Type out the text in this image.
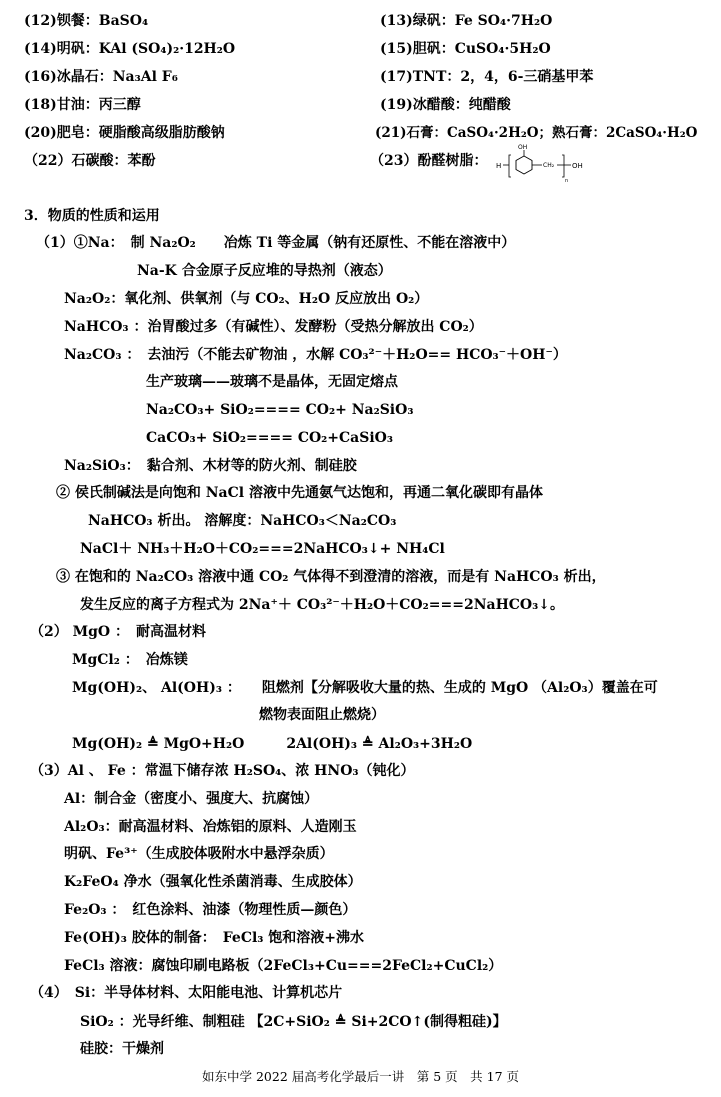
(12)钡餐：BaSO₄	(13)绿矾：Fe SO₄·7H₂O
(14)明矾：KAl (SO₄)₂·12H₂O	(15)胆矾：CuSO₄·5H₂O
(16)冰晶石：Na₃Al F₆	(17)TNT：2，4，6-三硝基甲苯
(18)甘油：丙三醇	(19)冰醋酸：纯醋酸
(20)肥皂：硬脂酸高级脂肪酸钠	(21)石膏：CaSO₄·2H₂O；熟石膏：2CaSO₄·H₂O
（22）石碳酸：苯酚	（23）酚醛树脂： H
OH
CH₂	OH
n
3．物质的性质和运用
（1）①Na：　制 Na₂O₂　　冶炼 Ti 等金属（钠有还原性、不能在溶液中）
Na-K 合金原子反应堆的导热剂（液态）
Na₂O₂：氧化剂、供氧剂（与 CO₂、H₂O 反应放出 O₂）
NaHCO₃ ：治胃酸过多（有碱性）、发酵粉（受热分解放出 CO₂）
Na₂CO₃ ：　去油污（不能去矿物油 ，水解 CO₃²⁻＋H₂O== HCO₃⁻＋OH⁻）
生产玻璃——玻璃不是晶体，无固定熔点
Na₂CO₃+ SiO₂==== CO₂+ Na₂SiO₃
CaCO₃+ SiO₂==== CO₂+CaSiO₃
Na₂SiO₃：　黏合剂、木材等的防火剂、制硅胶
② 侯氏制碱法是向饱和 NaCl 溶液中先通氨气达饱和，再通二氧化碳即有晶体
NaHCO₃ 析出。 溶解度：NaHCO₃＜Na₂CO₃
NaCl＋ NH₃＋H₂O＋CO₂===2NaHCO₃↓+ NH₄Cl
③ 在饱和的 Na₂CO₃ 溶液中通 CO₂ 气体得不到澄清的溶液，而是有 NaHCO₃ 析出，
发生反应的离子方程式为 2Na⁺＋ CO₃²⁻＋H₂O＋CO₂===2NaHCO₃↓。
（2） MgO ：　耐高温材料
MgCl₂ ：　冶炼镁
Mg(OH)₂、 Al(OH)₃ ：　　阻燃剂【分解吸收大量的热、生成的 MgO （Al₂O₃）覆盖在可
燃物表面阻止燃烧）
Mg(OH)₂ ≜ MgO+H₂O　　　2Al(OH)₃ ≜ Al₂O₃+3H₂O
（3）Al 、 Fe ：常温下储存浓 H₂SO₄、浓 HNO₃（钝化）
Al：制合金（密度小、强度大、抗腐蚀）
Al₂O₃：耐高温材料、冶炼铝的原料、人造刚玉
明矾、Fe³⁺（生成胶体吸附水中悬浮杂质）
K₂FeO₄ 净水（强氧化性杀菌消毒、生成胶体）
Fe₂O₃ ：　红色涂料、油漆（物理性质—颜色）
Fe(OH)₃ 胶体的制备：　FeCl₃ 饱和溶液+沸水
FeCl₃ 溶液：腐蚀印刷电路板（2FeCl₃+Cu===2FeCl₂+CuCl₂）
（4）　Si：半导体材料、太阳能电池、计算机芯片
SiO₂ ：光导纤维、制粗硅 【2C+SiO₂ ≜ Si+2CO↑(制得粗硅)】
硅胶：干燥剂
如东中学 2022 届高考化学最后一讲　第 5 页　共 17 页
